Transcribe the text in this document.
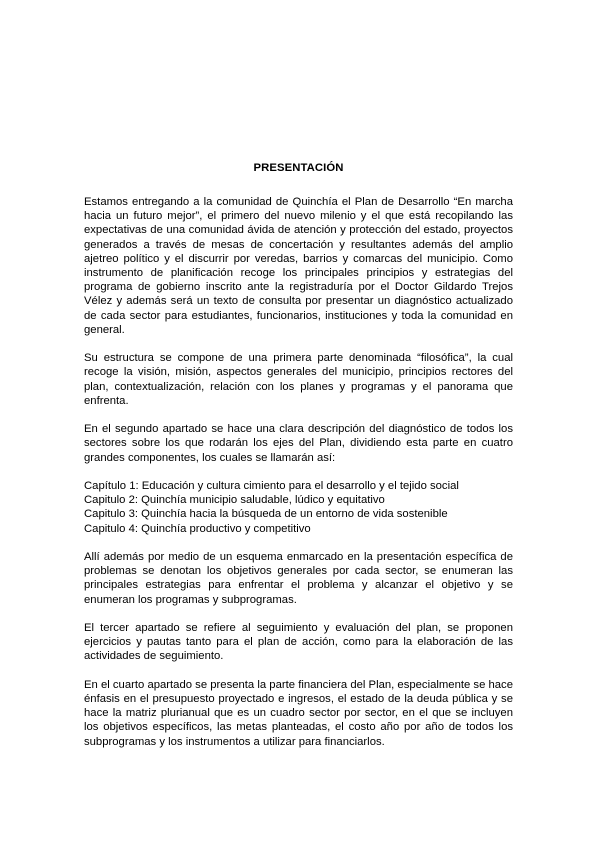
PRESENTACIÓN

Estamos entregando a la comunidad de Quinchía el Plan de Desarrollo “En marcha hacia un futuro mejor”, el primero del nuevo milenio y el que está recopilando las expectativas de una comunidad ávida de atención y protección del estado, proyectos generados a través de mesas de concertación y resultantes además del amplio ajetreo político y el discurrir por veredas, barrios y comarcas del municipio. Como instrumento de planificación recoge los principales principios y estrategias del programa de gobierno inscrito ante la registraduría por el Doctor Gildardo Trejos Vélez y además será un texto de consulta por presentar un diagnóstico actualizado de cada sector para estudiantes, funcionarios, instituciones y toda la comunidad en general.

Su estructura se compone de una primera parte denominada “filosófica”, la cual recoge la visión, misión, aspectos generales del municipio, principios rectores del plan, contextualización, relación con los planes y programas y el panorama que enfrenta.

En el segundo apartado se hace una clara descripción del diagnóstico de todos los sectores sobre los que rodarán los ejes del Plan, dividiendo esta parte en cuatro grandes componentes, los cuales se llamarán así:

Capítulo 1: Educación y cultura cimiento para el desarrollo y el tejido social
Capitulo 2: Quinchía municipio saludable, lúdico y equitativo
Capitulo 3: Quinchía hacia la búsqueda de un entorno de vida sostenible
Capitulo 4: Quinchía productivo y competitivo

Allí además por medio de un esquema enmarcado en la presentación específica de problemas se denotan los objetivos generales por cada sector, se enumeran las principales estrategias para enfrentar el problema y alcanzar el objetivo y se enumeran los programas y subprogramas.

El tercer apartado se refiere al seguimiento y evaluación del plan, se proponen ejercicios y pautas tanto para el plan de acción, como para la elaboración de las actividades de seguimiento.

En el cuarto apartado se presenta la parte financiera del Plan, especialmente se hace énfasis en el presupuesto proyectado e ingresos, el estado de la deuda pública y se hace la matriz plurianual que es un cuadro sector por sector, en el que se incluyen los objetivos específicos, las metas planteadas, el costo año por año de todos los subprogramas y los instrumentos a utilizar para financiarlos.
